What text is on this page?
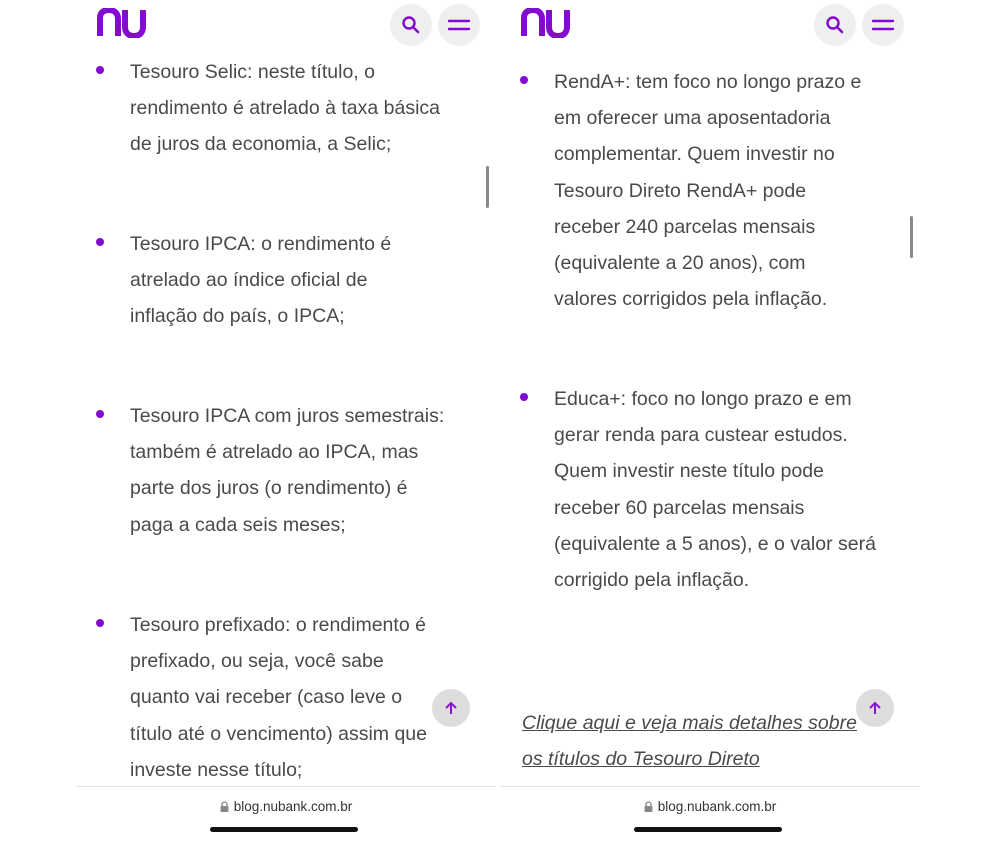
Tesouro Selic: neste título, o
rendimento é atrelado à taxa básica
de juros da economia, a Selic;
Tesouro IPCA: o rendimento é
atrelado ao índice oficial de
inflação do país, o IPCA;
Tesouro IPCA com juros semestrais:
também é atrelado ao IPCA, mas
parte dos juros (o rendimento) é
paga a cada seis meses;
Tesouro prefixado: o rendimento é
prefixado, ou seja, você sabe
quanto vai receber (caso leve o
título até o vencimento) assim que
investe nesse título;
blog.nubank.com.br
RendA+: tem foco no longo prazo e
em oferecer uma aposentadoria
complementar. Quem investir no
Tesouro Direto RendA+ pode
receber 240 parcelas mensais
(equivalente a 20 anos), com
valores corrigidos pela inflação.
Educa+: foco no longo prazo e em
gerar renda para custear estudos.
Quem investir neste título pode
receber 60 parcelas mensais
(equivalente a 5 anos), e o valor será
corrigido pela inflação.
Clique aqui e veja mais detalhes sobre
os títulos do Tesouro Direto
blog.nubank.com.br
